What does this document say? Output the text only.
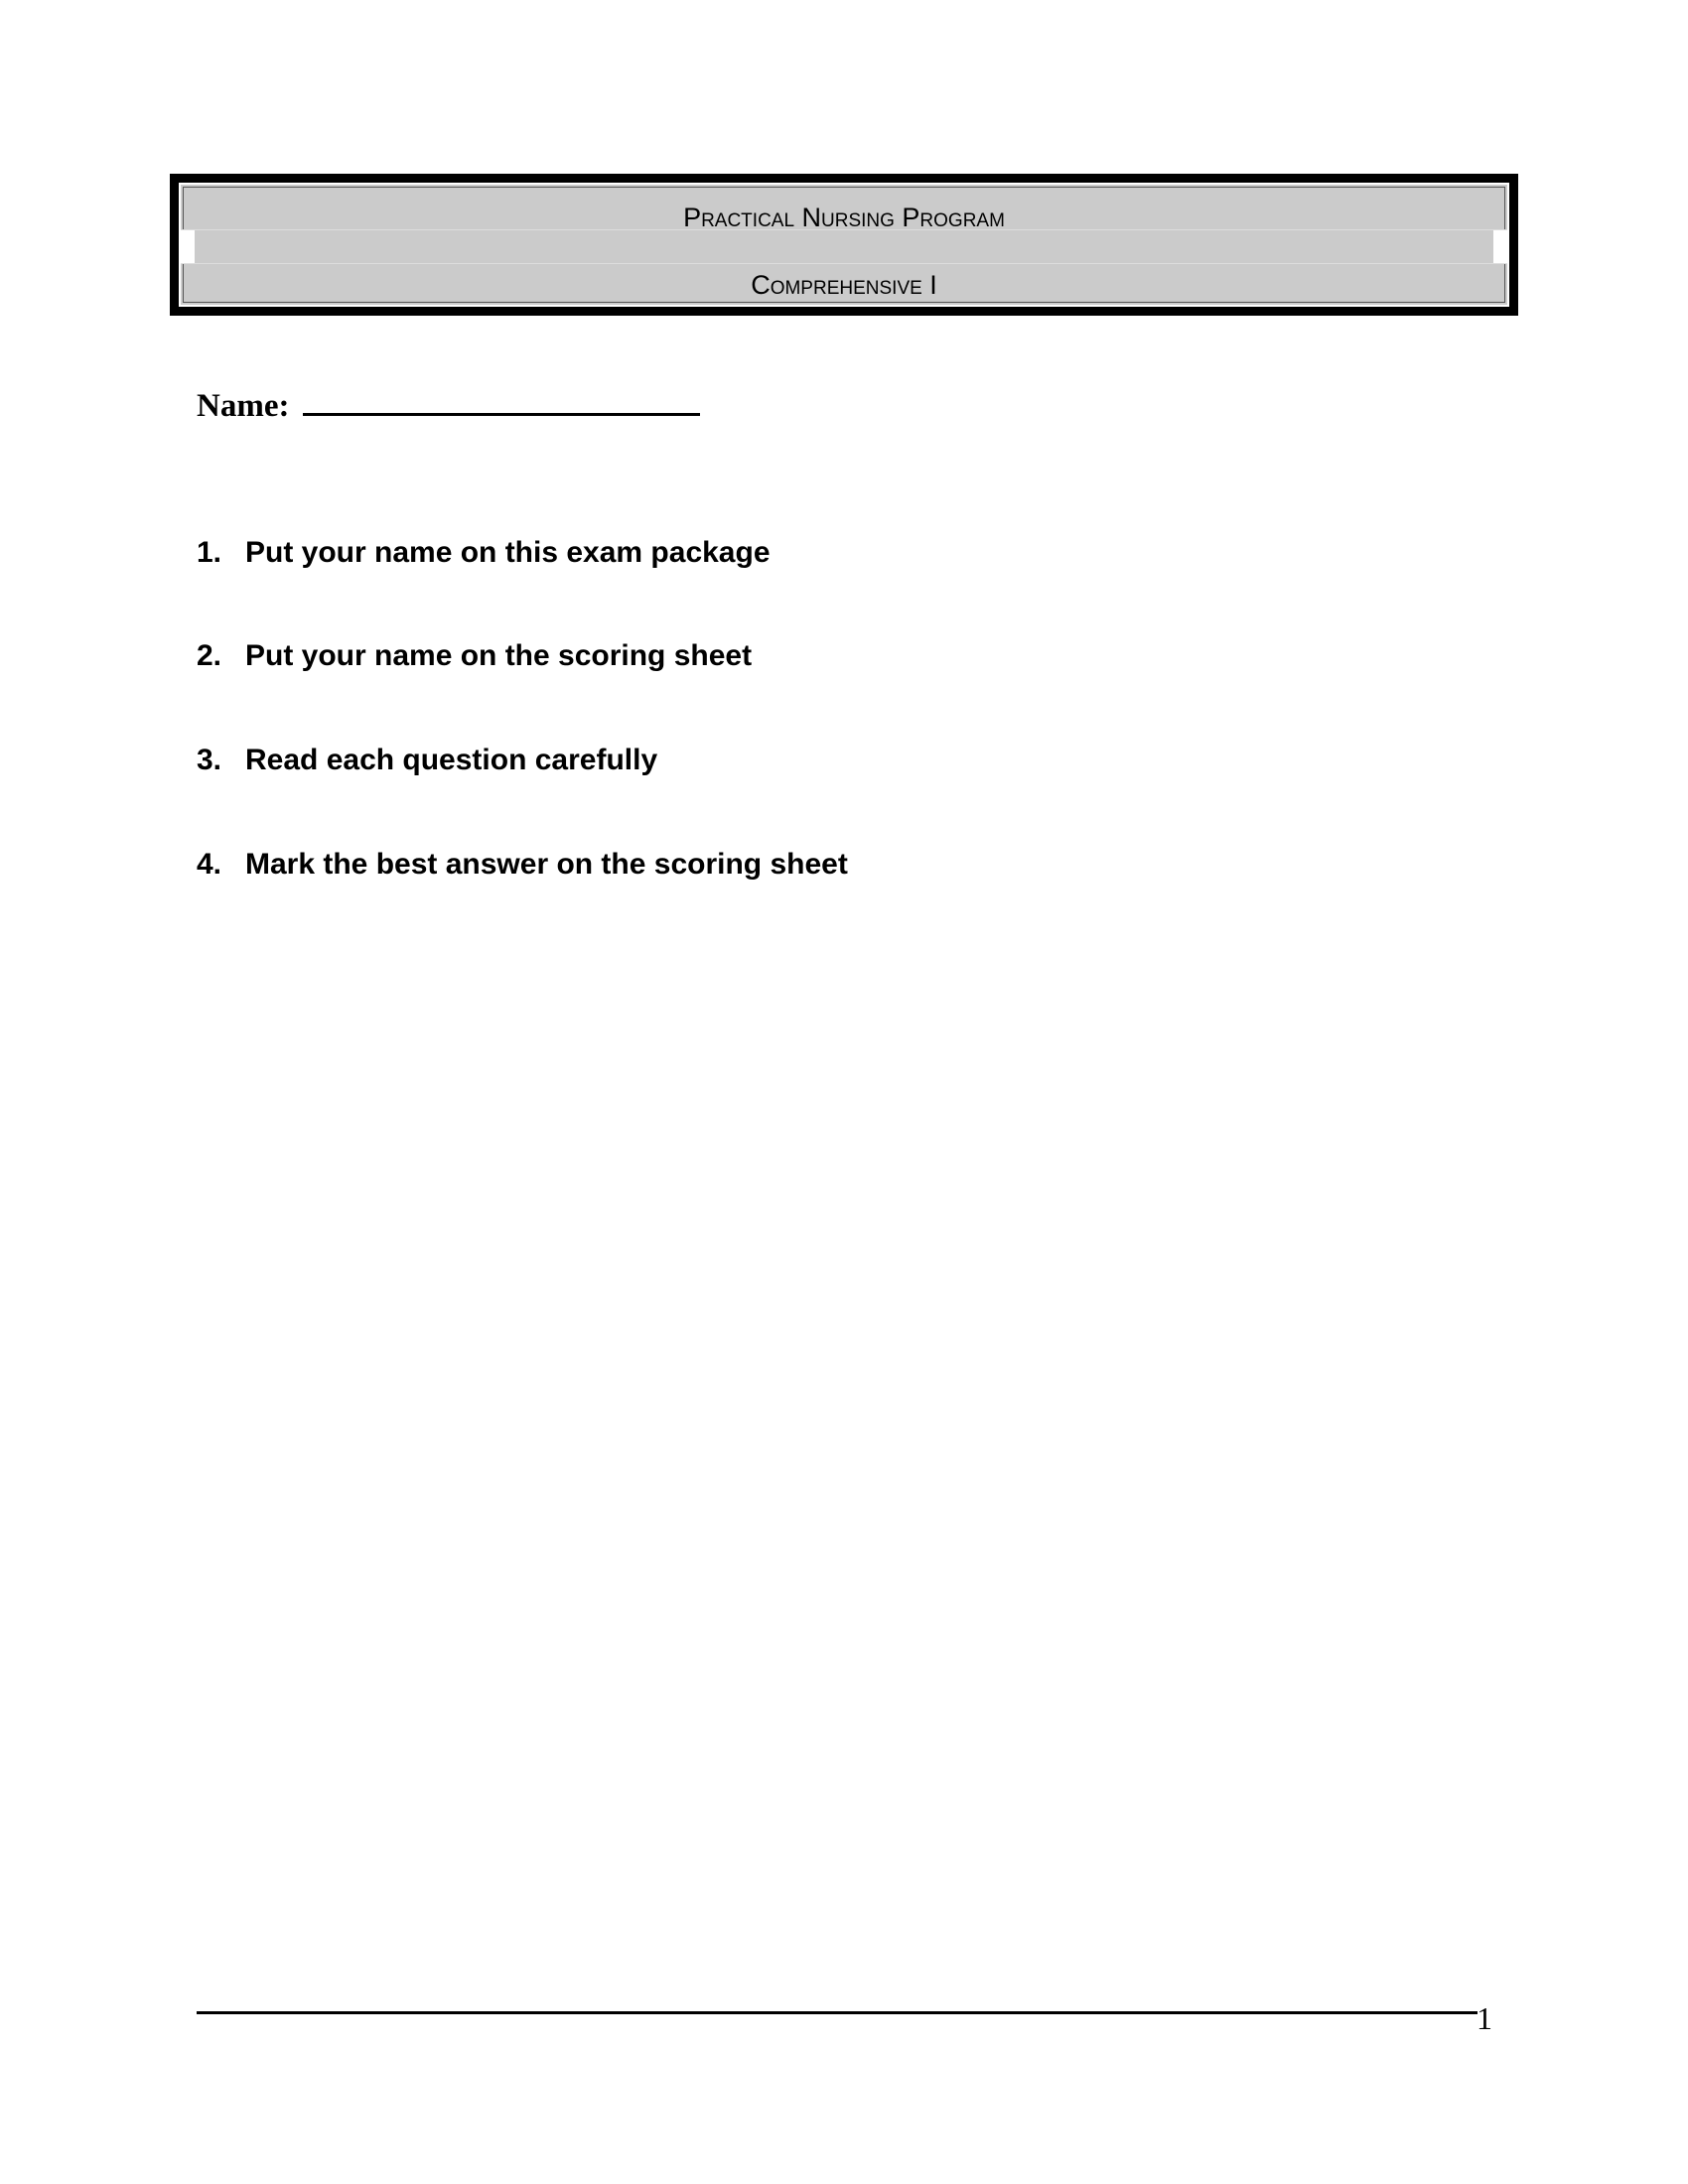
Practical Nursing Program
Comprehensive I
Name:
1. Put your name on this exam package
2. Put your name on the scoring sheet
3. Read each question carefully
4. Mark the best answer on the scoring sheet
1
